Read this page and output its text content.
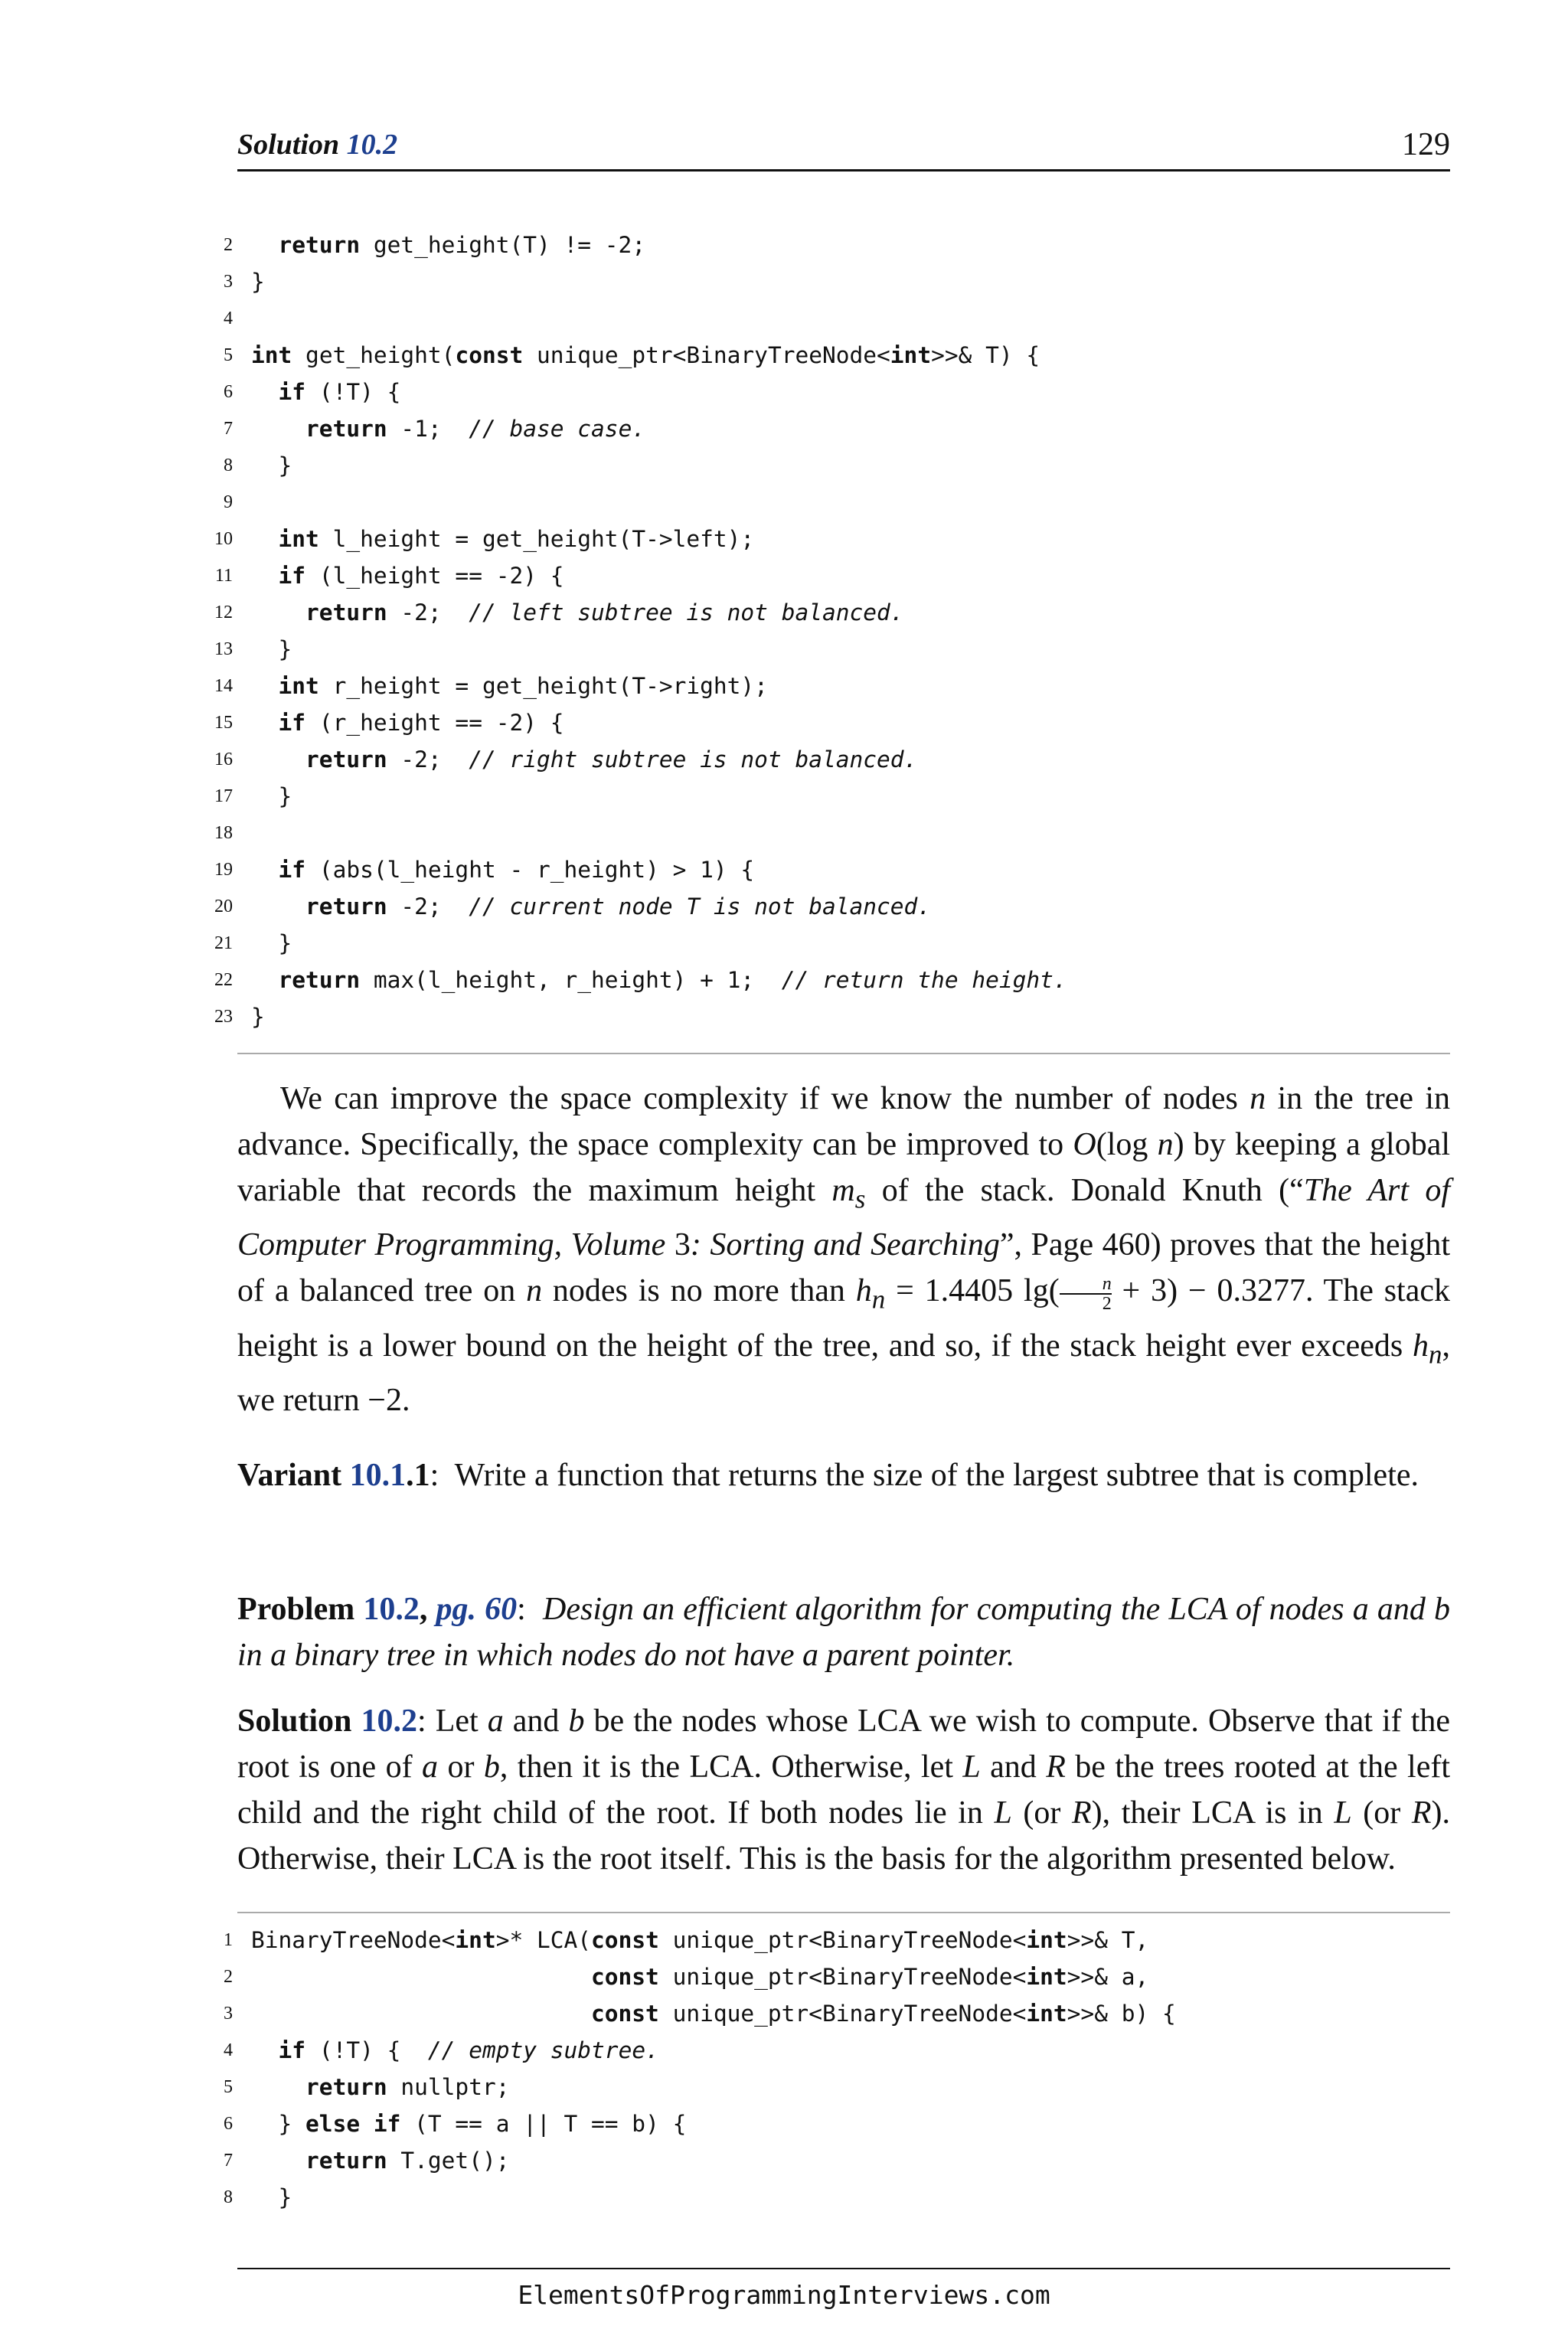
Solution 10.2	129
2	return get_height(T) != -2;
3 }
4
5 int get_height(const unique_ptr<BinaryTreeNode<int>>& T) {
6	if (!T) {
7	return -1;  // base case.
8 }
9
10	int l_height = get_height(T->left);
11	if (l_height == -2) {
12	return -2;  // left subtree is not balanced.
13 }
14	int r_height = get_height(T->right);
15	if (r_height == -2) {
16	return -2;  // right subtree is not balanced.
17 }
18
19	if (abs(l_height - r_height) > 1) {
20	return -2;  // current node T is not balanced.
21 }
22	return max(l_height, r_height) + 1;  // return the height.
23 }

We can improve the space complexity if we know the number of nodes n in the tree in advance. Specifically, the space complexity can be improved to O(log n) by keeping a global variable that records the maximum height $m_s$ of the stack. Donald Knuth (“The Art of Computer Programming, Volume 3: Sorting and Searching”, Page 460) proves that the height of a balanced tree on n nodes is no more than $h_n = 1.4405$ $\lg( \frac{n}{2} + 3) - 0.3277$. The stack height is a lower bound on the height of the tree, and so, if the stack height ever exceeds $h_n$, we return −2.

Variant 10.1.1:  Write a function that returns the size of the largest subtree that is complete.

Problem 10.2, pg. 60:  Design an efficient algorithm for computing the LCA of nodes a and b in a binary tree in which nodes do not have a parent pointer.

Solution 10.2: Let a and b be the nodes whose LCA we wish to compute. Observe that if the root is one of a or b, then it is the LCA. Otherwise, let L and R be the trees rooted at the left child and the right child of the root. If both nodes lie in L (or R), their LCA is in L (or R). Otherwise, their LCA is the root itself. This is the basis for the algorithm presented below.

1 BinaryTreeNode<int>* LCA(const unique_ptr<BinaryTreeNode<int>>& T,
2	const unique_ptr<BinaryTreeNode<int>>& a,
3	const unique_ptr<BinaryTreeNode<int>>& b) {
4	if (!T) {  // empty subtree.
5	return nullptr;
6 } else if (T == a || T == b) {
7	return T.get();
8 }
ElementsOfProgrammingInterviews.com
